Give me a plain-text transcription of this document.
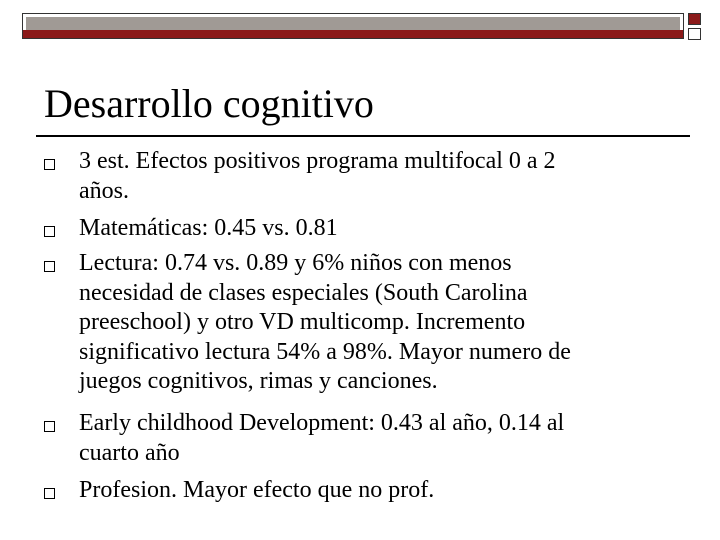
Desarrollo cognitivo
3 est. Efectos positivos programa multifocal 0 a 2
años.
Matemáticas: 0.45 vs. 0.81
Lectura: 0.74 vs. 0.89 y 6% niños con menos
necesidad de clases especiales (South Carolina
preeschool) y otro VD multicomp. Incremento
significativo lectura 54% a 98%. Mayor numero de
juegos cognitivos, rimas y canciones.
Early childhood Development: 0.43 al año, 0.14 al
cuarto año
Profesion. Mayor efecto que no prof.
